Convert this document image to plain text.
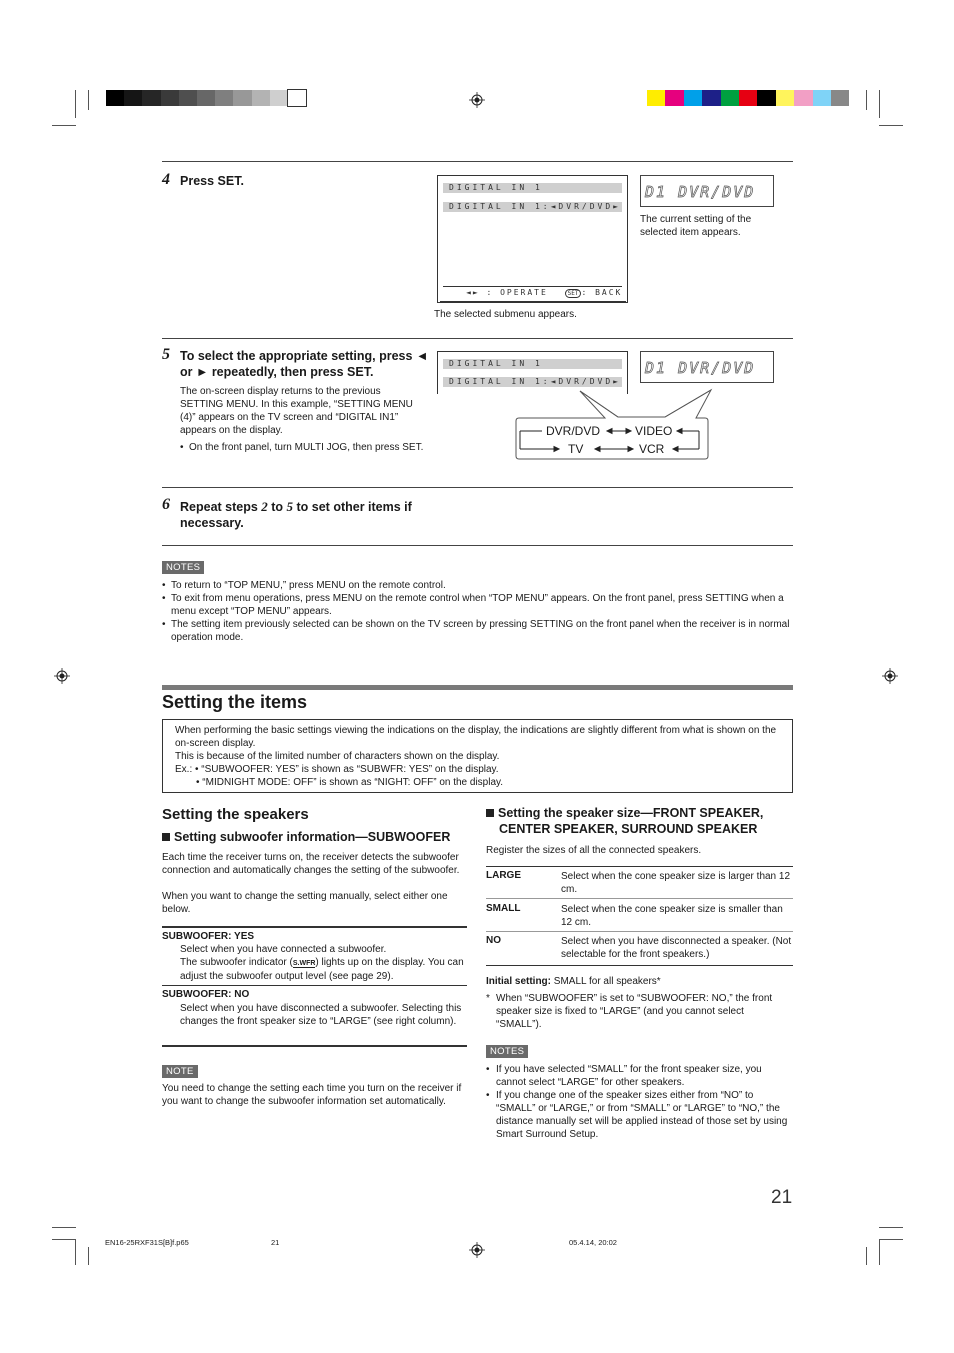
4 Press SET.	DIGITAL IN 1
DIGITAL IN 1:◄DVR/DVD►
◄► : OPERATE	SET : BACK
The selected submenu appears.
D1 DVR/DVD
The current setting of the selected item appears.
5 To select the appropriate setting, press ◄ or ► repeatedly, then press SET.
The on-screen display returns to the previous SETTING MENU. In this example, “SETTING MENU (4)” appears on the TV screen and “DIGITAL IN1” appears on the display.
• On the front panel, turn MULTI JOG, then press SET.
DIGITAL IN 1
DIGITAL IN 1:◄DVR/DVD►
D1 DVR/DVD
DVR/DVD	VIDEO
TV	VCR
6 Repeat steps 2 to 5 to set other items if necessary.
NOTES
• To return to “TOP MENU,” press MENU on the remote control.
• To exit from menu operations, press MENU on the remote control when “TOP MENU” appears. On the front panel, press SETTING when a menu except “TOP MENU” appears.
• The setting item previously selected can be shown on the TV screen by pressing SETTING on the front panel when the receiver is in normal operation mode.
Setting the items
When performing the basic settings viewing the indications on the display, the indications are slightly different from what is shown on the on-screen display.
This is because of the limited number of characters shown on the display.
Ex.: • “SUBWOOFER: YES” is shown as “SUBWFR: YES” on the display.
• “MIDNIGHT MODE: OFF” is shown as “NIGHT: OFF” on the display.
Setting the speakers
Setting subwoofer information—SUBWOOFER
Each time the receiver turns on, the receiver detects the subwoofer connection and automatically changes the setting of the subwoofer.
When you want to change the setting manually, select either one below.
SUBWOOFER: YES
Select when you have connected a subwoofer.
The subwoofer indicator (S.WFR) lights up on the display. You can adjust the subwoofer output level (see page 29).
SUBWOOFER: NO
Select when you have disconnected a subwoofer. Selecting this changes the front speaker size to “LARGE” (see right column).
NOTE
You need to change the setting each time you turn on the receiver if you want to change the subwoofer information set automatically.
Setting the speaker size—FRONT SPEAKER,
CENTER SPEAKER, SURROUND SPEAKER
Register the sizes of all the connected speakers.
LARGE	Select when the cone speaker size is larger than 12 cm.
SMALL	Select when the cone speaker size is smaller than 12 cm.
NO	Select when you have disconnected a speaker. (Not selectable for the front speakers.)
Initial setting: SMALL for all speakers*
* When “SUBWOOFER” is set to “SUBWOOFER: NO,” the front speaker size is fixed to “LARGE” (and you cannot select “SMALL”).
NOTES
• If you have selected “SMALL” for the front speaker size, you cannot select “LARGE” for other speakers.
• If you change one of the speaker sizes either from “NO” to “SMALL” or “LARGE,” or from “SMALL” or “LARGE” to “NO,” the distance manually set will be applied instead of those set by using Smart Surround Setup.
21
EN16-25RXF31S[B]f.p65	21	05.4.14, 20:02
